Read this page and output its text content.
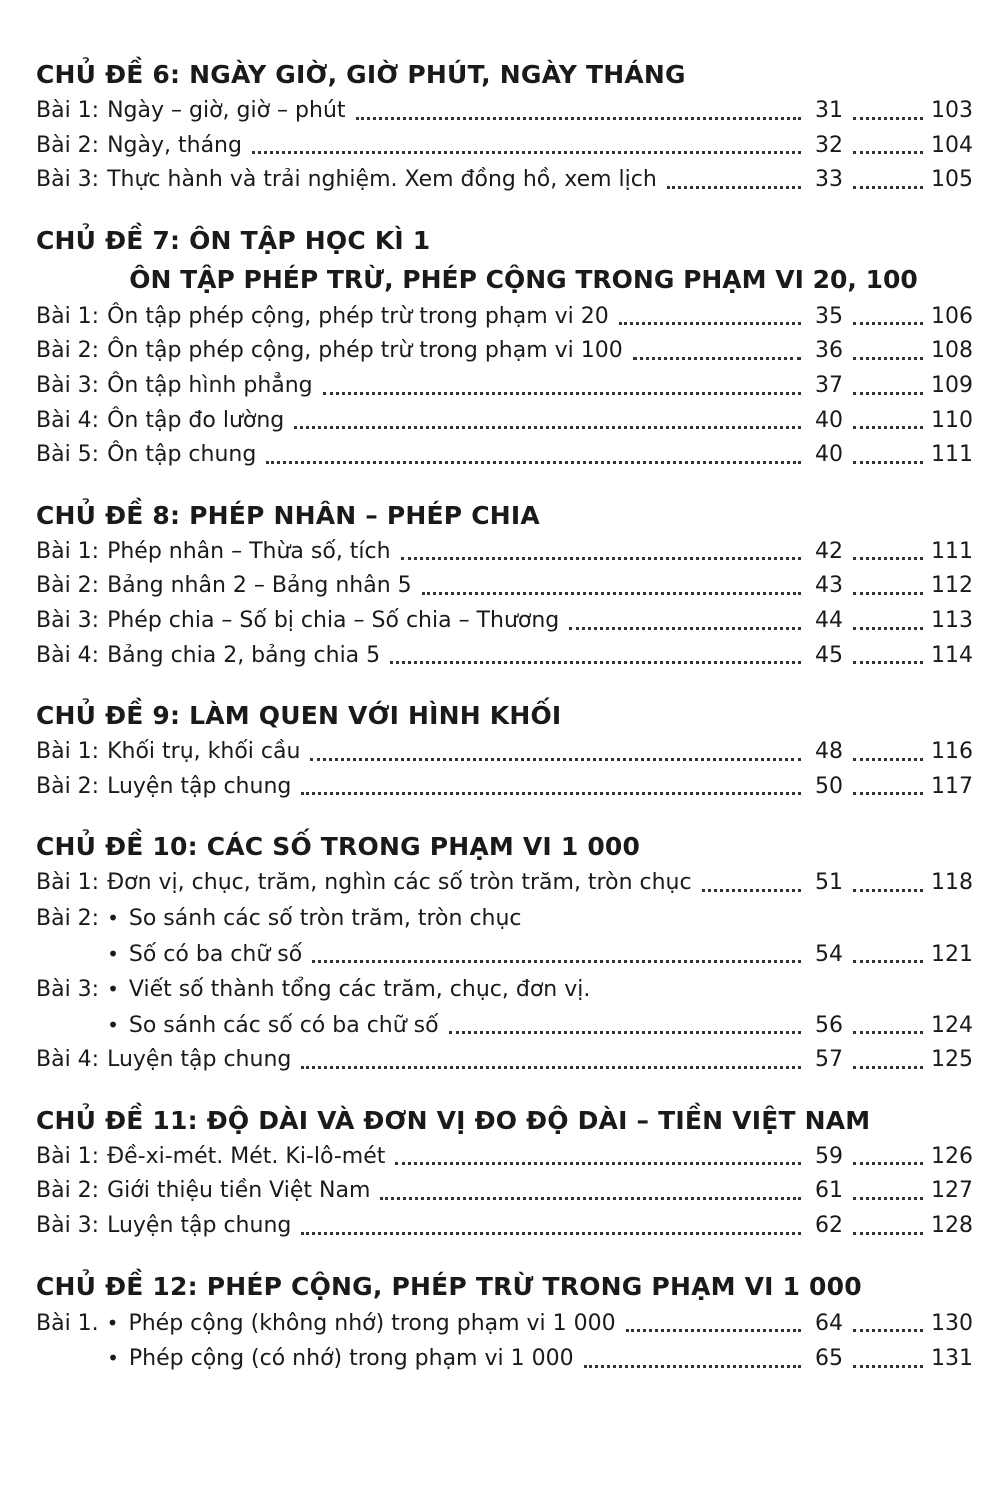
CHỦ ĐỀ 6: NGÀY GIỜ, GIỜ PHÚT, NGÀY THÁNG
Bài 1: Ngày – giờ, giờ – phút	31	103
Bài 2: Ngày, tháng	32	104
Bài 3: Thực hành và trải nghiệm. Xem đồng hồ, xem lịch	33	105
CHỦ ĐỀ 7: ÔN TẬP HỌC KÌ 1
ÔN TẬP PHÉP TRỪ, PHÉP CỘNG TRONG PHẠM VI 20, 100
Bài 1: Ôn tập phép cộng, phép trừ trong phạm vi 20	35	106
Bài 2: Ôn tập phép cộng, phép trừ trong phạm vi 100	36	108
Bài 3: Ôn tập hình phẳng	37	109
Bài 4: Ôn tập đo lường	40	110
Bài 5: Ôn tập chung	40	111
CHỦ ĐỀ 8: PHÉP NHÂN – PHÉP CHIA
Bài 1: Phép nhân – Thừa số, tích	42	111
Bài 2: Bảng nhân 2 – Bảng nhân 5	43	112
Bài 3: Phép chia – Số bị chia – Số chia – Thương	44	113
Bài 4: Bảng chia 2, bảng chia 5	45	114
CHỦ ĐỀ 9: LÀM QUEN VỚI HÌNH KHỐI
Bài 1: Khối trụ, khối cầu	48	116
Bài 2: Luyện tập chung	50	117
CHỦ ĐỀ 10: CÁC SỐ TRONG PHẠM VI 1 000
Bài 1: Đơn vị, chục, trăm, nghìn các số tròn trăm, tròn chục	51	118
Bài 2: • So sánh các số tròn trăm, tròn chục
• Số có ba chữ số	54	121
Bài 3: • Viết số thành tổng các trăm, chục, đơn vị.
• So sánh các số có ba chữ số	56	124
Bài 4: Luyện tập chung	57	125
CHỦ ĐỀ 11: ĐỘ DÀI VÀ ĐƠN VỊ ĐO ĐỘ DÀI – TIỀN VIỆT NAM
Bài 1: Đề-xi-mét. Mét. Ki-lô-mét	59	126
Bài 2: Giới thiệu tiền Việt Nam	61	127
Bài 3: Luyện tập chung	62	128
CHỦ ĐỀ 12: PHÉP CỘNG, PHÉP TRỪ TRONG PHẠM VI 1 000
Bài 1. • Phép cộng (không nhớ) trong phạm vi 1 000	64	130
• Phép cộng (có nhớ) trong phạm vi 1 000	65	131
